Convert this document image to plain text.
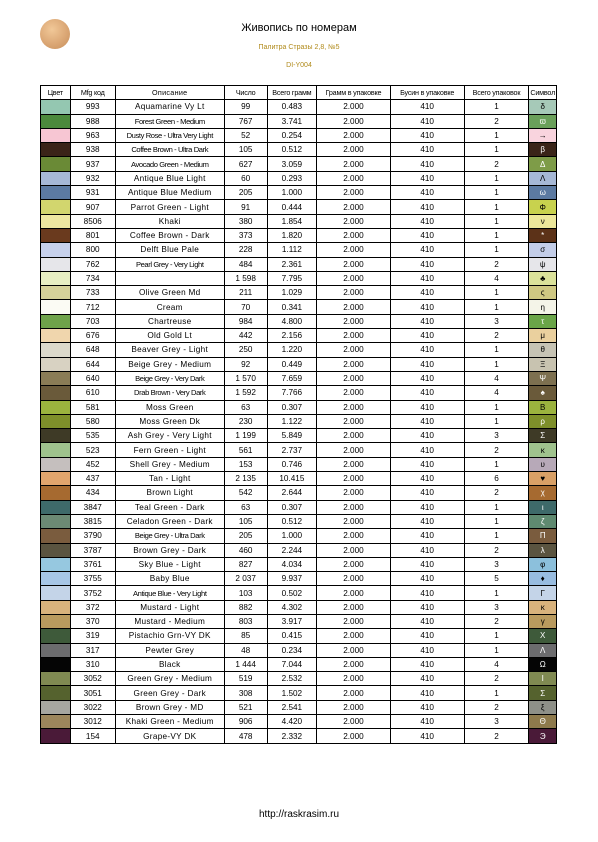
Живопись по номерам
Палитра Стразы 2,8, №5
DI-Y004
Цвет	Mfg код	Описание	Число	Всего грамм	Грамм в упаковке	Бусин в упаковке	Всего упаковок	Символ
	993	Aquamarine Vy Lt	99	0.483	2.000	410	1	δ
	988	Forest Green - Medium	767	3.741	2.000	410	2	ϖ
	963	Dusty Rose - Ultra Very Light	52	0.254	2.000	410	1	→
	938	Coffee Brown - Ultra Dark	105	0.512	2.000	410	1	β
	937	Avocado Green - Medium	627	3.059	2.000	410	2	Δ
	932	Antique Blue Light	60	0.293	2.000	410	1	Λ
	931	Antique Blue Medium	205	1.000	2.000	410	1	ω
	907	Parrot Green - Light	91	0.444	2.000	410	1	Φ
	8506	Khaki	380	1.854	2.000	410	1	ν
	801	Coffee Brown - Dark	373	1.820	2.000	410	1	*
	800	Delft Blue Pale	228	1.112	2.000	410	1	σ
	762	Pearl Grey - Very Light	484	2.361	2.000	410	2	ψ
	734		1 598	7.795	2.000	410	4	♣
	733	Olive Green Md	211	1.029	2.000	410	1	ς
	712	Cream	70	0.341	2.000	410	1	η
	703	Chartreuse	984	4.800	2.000	410	3	τ
	676	Old Gold Lt	442	2.156	2.000	410	2	μ
	648	Beaver Grey - Light	250	1.220	2.000	410	1	θ
	644	Beige Grey - Medium	92	0.449	2.000	410	1	Ξ
	640	Beige Grey - Very Dark	1 570	7.659	2.000	410	4	Ψ
	610	Drab Brown - Very Dark	1 592	7.766	2.000	410	4	♠
	581	Moss Green	63	0.307	2.000	410	1	Β
	580	Moss Green Dk	230	1.122	2.000	410	1	ρ
	535	Ash Grey - Very Light	1 199	5.849	2.000	410	3	Σ
	523	Fern Green - Light	561	2.737	2.000	410	2	κ
	452	Shell Grey - Medium	153	0.746	2.000	410	1	υ
	437	Tan - Light	2 135	10.415	2.000	410	6	♥
	434	Brown Light	542	2.644	2.000	410	2	χ
	3847	Teal Green - Dark	63	0.307	2.000	410	1	ι
	3815	Celadon Green - Dark	105	0.512	2.000	410	1	ζ
	3790	Beige Grey - Ultra Dark	205	1.000	2.000	410	1	Π
	3787	Brown Grey - Dark	460	2.244	2.000	410	2	λ
	3761	Sky Blue - Light	827	4.034	2.000	410	3	φ
	3755	Baby Blue	2 037	9.937	2.000	410	5	♦
	3752	Antique Blue - Very Light	103	0.502	2.000	410	1	Γ
	372	Mustard - Light	882	4.302	2.000	410	3	κ
	370	Mustard - Medium	803	3.917	2.000	410	2	γ
	319	Pistachio Grn-VY DK	85	0.415	2.000	410	1	Χ
	317	Pewter Grey	48	0.234	2.000	410	1	Λ
	310	Black	1 444	7.044	2.000	410	4	Ω
	3052	Green Grey - Medium	519	2.532	2.000	410	2	Ι
	3051	Green Grey - Dark	308	1.502	2.000	410	1	Σ
	3022	Brown Grey - MD	521	2.541	2.000	410	2	ξ
	3012	Khaki Green - Medium	906	4.420	2.000	410	3	Θ
	154	Grape-VY DK	478	2.332	2.000	410	2	Э
http://raskrasim.ru
